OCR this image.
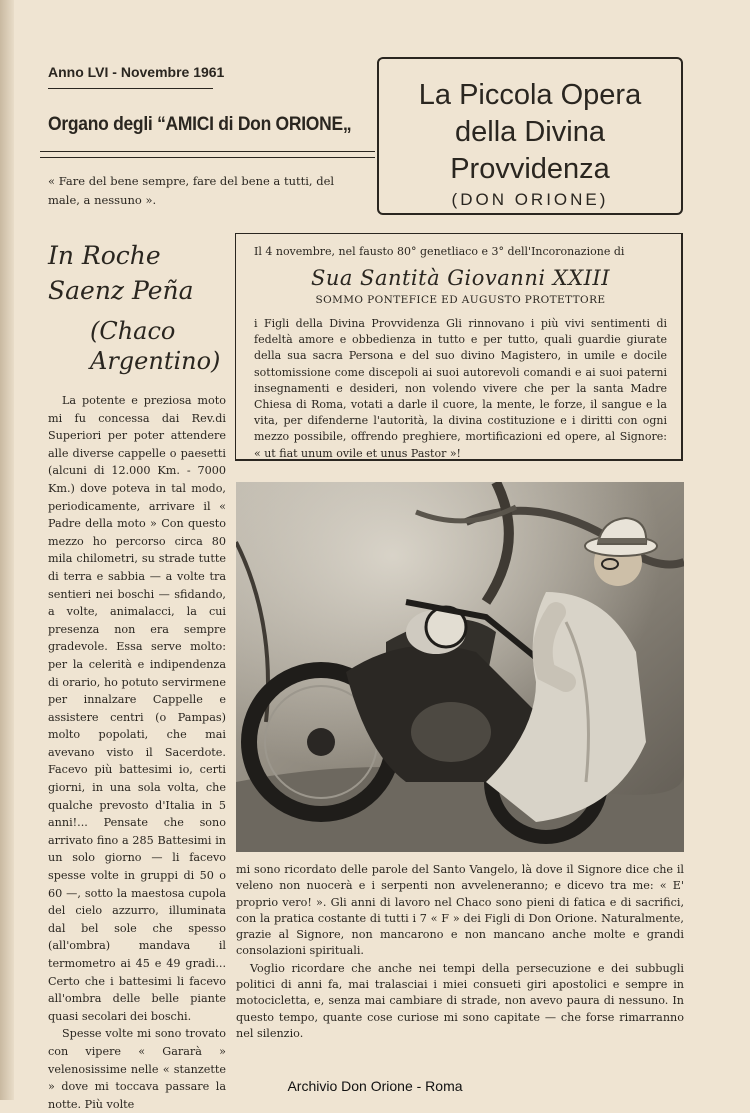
Anno LVI - Novembre 1961
Organo degli “AMICI di Don ORIONE„
« Fare del bene sempre, fare del bene a tutti, del male, a nessuno ».
La Piccola Opera
della Divina
Provvidenza
(DON ORIONE)
In Roche
Saenz Peña
(Chaco
Argentino)

La potente e preziosa moto mi fu concessa dai Rev.di Superiori per poter attendere alle diverse cappelle o paesetti (alcuni di 12.000 Km. - 7000 Km.) dove poteva in tal modo, periodicamente, arrivare il « Padre della moto » Con questo mezzo ho percorso circa 80 mila chilometri, su strade tutte di terra e sabbia — a volte tra sentieri nei boschi — sfidando, a volte, animalacci, la cui presenza non era sempre gradevole. Essa serve molto: per la celerità e indipendenza di orario, ho potuto servirmene per innalzare Cappelle e assistere centri (o Pampas) molto popolati, che mai avevano visto il Sacerdote. Facevo più battesimi io, certi giorni, in una sola volta, che qualche prevosto d'Italia in 5 anni!... Pensate che sono arrivato fino a 285 Battesimi in un solo giorno — li facevo spesse volte in gruppi di 50 o 60 —, sotto la maestosa cupola del cielo azzurro, illuminata dal bel sole che spesso (all'ombra) mandava il termometro ai 45 e 49 gradi... Certo che i battesimi li facevo all'ombra delle belle piante quasi secolari dei boschi.

Spesse volte mi sono trovato con vipere « Gararà » velenosissime nelle « stanzette » dove mi toccava passare la notte. Più volte

Il 4 novembre, nel fausto 80° genetliaco e 3° dell'Incoronazione di
Sua Santità Giovanni XXIII
SOMMO PONTEFICE ED AUGUSTO PROTETTORE
i Figli della Divina Provvidenza Gli rinnovano i più vivi sentimenti di fedeltà amore e obbedienza in tutto e per tutto, quali guardie giurate della sua sacra Persona e del suo divino Magistero, in umile e docile sottomissione come discepoli ai suoi autorevoli comandi e ai suoi paterni insegnamenti e desideri, non volendo vivere che per la santa Madre Chiesa di Roma, votati a darle il cuore, la mente, le forze, il sangue e la vita, per difenderne l'autorità, la divina costituzione e i diritti con ogni mezzo possibile, offrendo preghiere, mortificazioni ed opere, al Signore: « ut fiat unum ovile et unus Pastor »!

mi sono ricordato delle parole del Santo Vangelo, là dove il Signore dice che il veleno non nuocerà e i serpenti non avveleneranno; e dicevo tra me: « E' proprio vero! ». Gli anni di lavoro nel Chaco sono pieni di fatica e di sacrifici, con la pratica costante di tutti i 7 « F » dei Figli di Don Orione. Naturalmente, grazie al Signore, non mancarono e non mancano anche molte e grandi consolazioni spirituali.

Voglio ricordare che anche nei tempi della persecuzione e dei subbugli politici di anni fa, mai tralasciai i miei consueti giri apostolici e sempre in motocicletta, e, senza mai cambiare di strade, non avevo paura di nessuno. In questo tempo, quante cose curiose mi sono capitate — che forse rimarranno nel silenzio.

Archivio Don Orione - Roma
